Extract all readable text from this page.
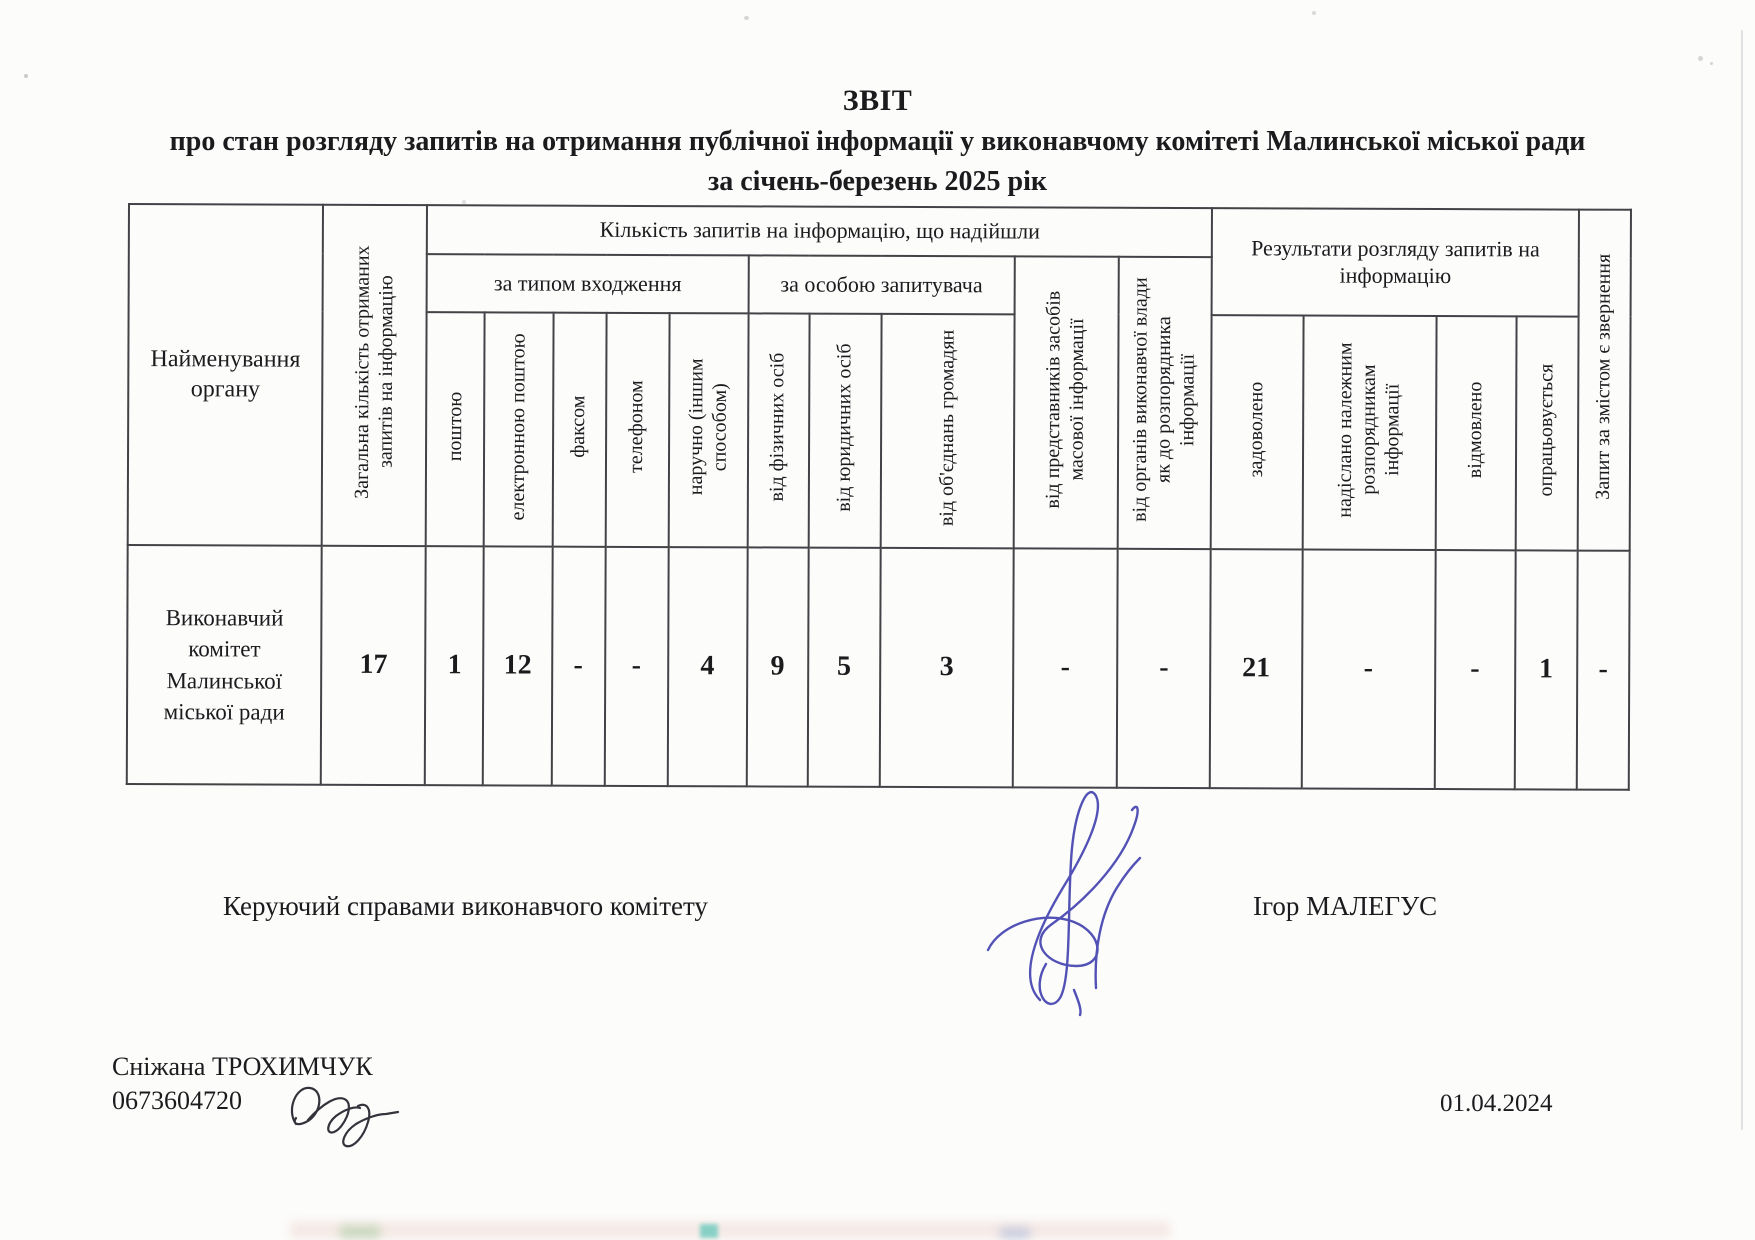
ЗВІТ
про стан розгляду запитів на отримання публічної інформації у виконавчому комітеті Малинської міської ради
за січень-березень 2025 рік
Найменування органу	Загальна кількість отриманих запитів на інформацію	Кількість запитів на інформацію, що надійшли										Результати розгляду запитів на інформацію				Запит за змістом є звернення
		за типом входження					за особою запитувача			від представників засобів масової інформації	від органів виконавчої влади як до розпорядника інформації					
		поштою	електронною поштою	факсом	телефоном	наручно (іншим способом)	від фізичних осіб	від юридичних осіб	від об'єднань громадян			задоволено	надіслано належним розпорядникам інформації	відмовлено	опрацьовується	
Виконавчий комітет Малинської міської ради	17	1	12	-	-	4	9	5	3	-	-	21	-	-	1	-
Керуючий справами виконавчого комітету	Ігор МАЛЕГУС
Сніжана ТРОХИМЧУК
0673604720	01.04.2024
